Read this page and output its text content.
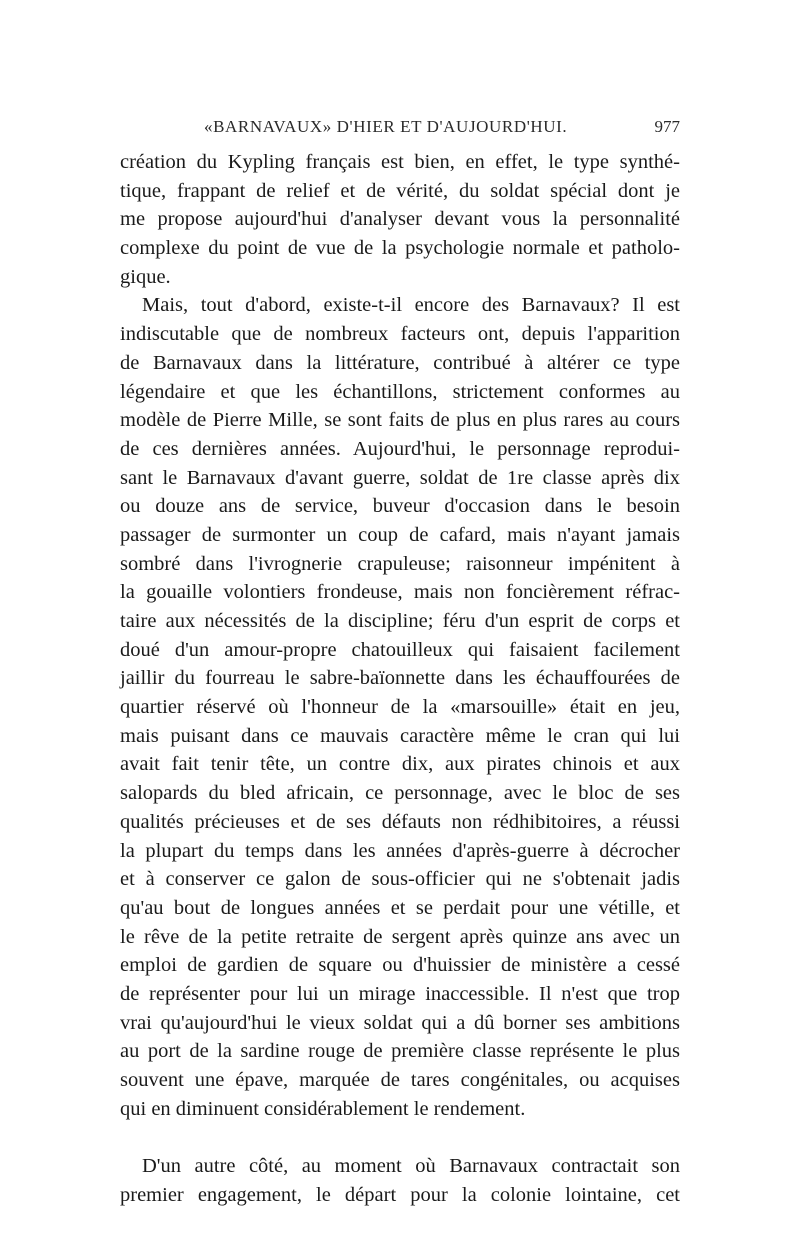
«BARNAVAUX» D'HIER ET D'AUJOURD'HUI.	977
création du Kypling français est bien, en effet, le type synthé-
tique, frappant de relief et de vérité, du soldat spécial dont je
me propose aujourd'hui d'analyser devant vous la personnalité
complexe du point de vue de la psychologie normale et patholo-
gique.
Mais, tout d'abord, existe-t-il encore des Barnavaux? Il est
indiscutable que de nombreux facteurs ont, depuis l'apparition
de Barnavaux dans la littérature, contribué à altérer ce type
légendaire et que les échantillons, strictement conformes au
modèle de Pierre Mille, se sont faits de plus en plus rares au cours
de ces dernières années. Aujourd'hui, le personnage reprodui-
sant le Barnavaux d'avant guerre, soldat de 1re classe après dix
ou douze ans de service, buveur d'occasion dans le besoin
passager de surmonter un coup de cafard, mais n'ayant jamais
sombré dans l'ivrognerie crapuleuse; raisonneur impénitent à
la gouaille volontiers frondeuse, mais non foncièrement réfrac-
taire aux nécessités de la discipline; féru d'un esprit de corps et
doué d'un amour-propre chatouilleux qui faisaient facilement
jaillir du fourreau le sabre-baïonnette dans les échauffourées de
quartier réservé où l'honneur de la «marsouille» était en jeu,
mais puisant dans ce mauvais caractère même le cran qui lui
avait fait tenir tête, un contre dix, aux pirates chinois et aux
salopards du bled africain, ce personnage, avec le bloc de ses
qualités précieuses et de ses défauts non rédhibitoires, a réussi
la plupart du temps dans les années d'après-guerre à décrocher
et à conserver ce galon de sous-officier qui ne s'obtenait jadis
qu'au bout de longues années et se perdait pour une vétille, et
le rêve de la petite retraite de sergent après quinze ans avec un
emploi de gardien de square ou d'huissier de ministère a cessé
de représenter pour lui un mirage inaccessible. Il n'est que trop
vrai qu'aujourd'hui le vieux soldat qui a dû borner ses ambitions
au port de la sardine rouge de première classe représente le plus
souvent une épave, marquée de tares congénitales, ou acquises
qui en diminuent considérablement le rendement.
D'un autre côté, au moment où Barnavaux contractait son
premier engagement, le départ pour la colonie lointaine, cet
